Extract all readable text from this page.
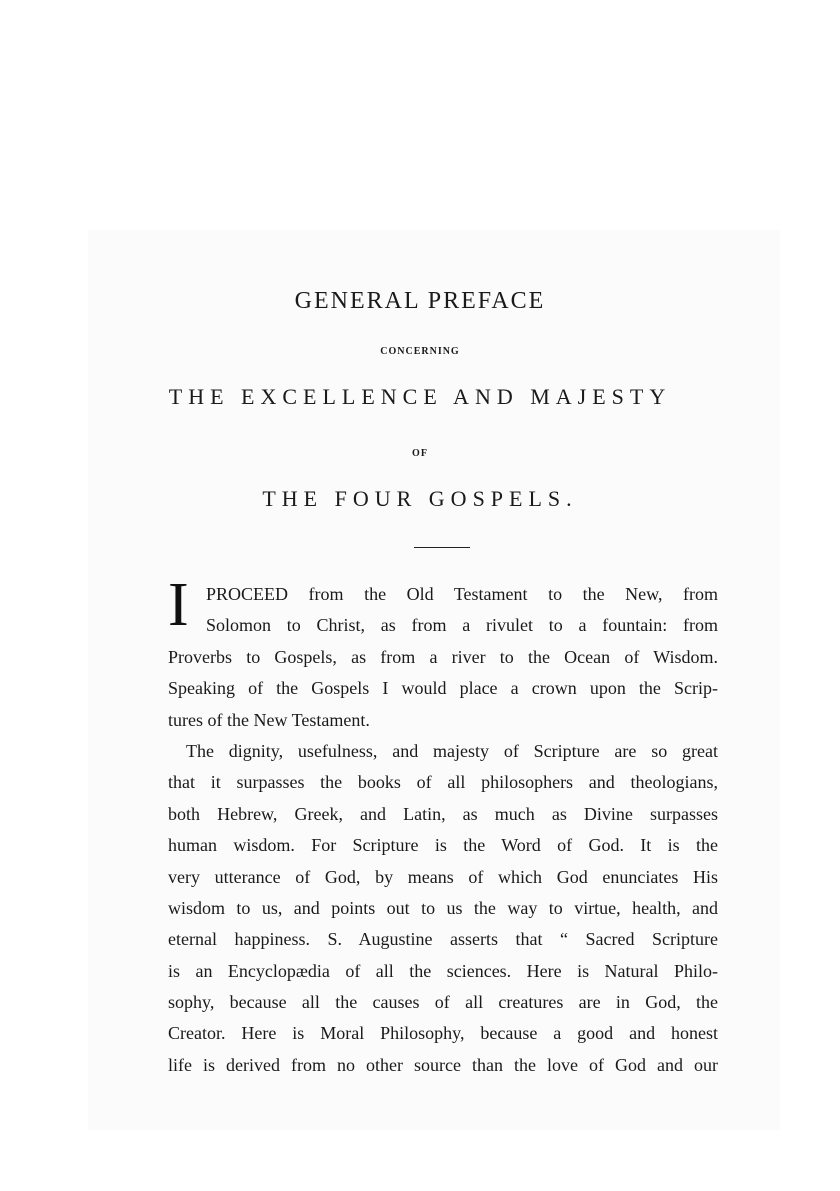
GENERAL PREFACE
CONCERNING
THE EXCELLENCE AND MAJESTY
OF
THE FOUR GOSPELS.
I PROCEED from the Old Testament to the New, from
Solomon to Christ, as from a rivulet to a fountain: from
Proverbs to Gospels, as from a river to the Ocean of Wisdom.
Speaking of the Gospels I would place a crown upon the Scrip-
tures of the New Testament.
The dignity, usefulness, and majesty of Scripture are so great
that it surpasses the books of all philosophers and theologians,
both Hebrew, Greek, and Latin, as much as Divine surpasses
human wisdom. For Scripture is the Word of God. It is the
very utterance of God, by means of which God enunciates His
wisdom to us, and points out to us the way to virtue, health, and
eternal happiness. S. Augustine asserts that “ Sacred Scripture
is an Encyclopædia of all the sciences. Here is Natural Philo-
sophy, because all the causes of all creatures are in God, the
Creator. Here is Moral Philosophy, because a good and honest
life is derived from no other source than the love of God and our
